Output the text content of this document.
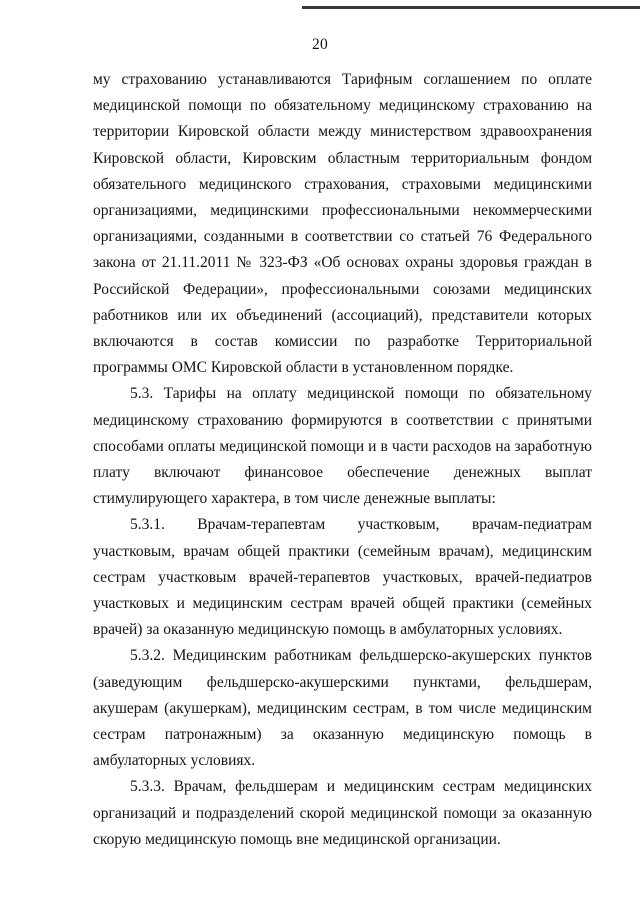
20

му страхованию устанавливаются Тарифным соглашением по оплате медицинской помощи по обязательному медицинскому страхованию на территории Кировской области между министерством здравоохранения Кировской области, Кировским областным территориальным фондом обязательного медицинского страхования, страховыми медицинскими организациями, медицинскими профессиональными некоммерческими организациями, созданными в соответствии со статьей 76 Федерального закона от 21.11.2011 № 323-ФЗ «Об основах охраны здоровья граждан в Российской Федерации», профессиональными союзами медицинских работников или их объединений (ассоциаций), представители которых включаются в состав комиссии по разработке Территориальной программы ОМС Кировской области в установленном порядке.

5.3. Тарифы на оплату медицинской помощи по обязательному медицинскому страхованию формируются в соответствии с принятыми способами оплаты медицинской помощи и в части расходов на заработную плату включают финансовое обеспечение денежных выплат стимулирующего характера, в том числе денежные выплаты:

5.3.1. Врачам-терапевтам участковым, врачам-педиатрам участковым, врачам общей практики (семейным врачам), медицинским сестрам участковым врачей-терапевтов участковых, врачей-педиатров участковых и медицинским сестрам врачей общей практики (семейных врачей) за оказанную медицинскую помощь в амбулаторных условиях.

5.3.2. Медицинским работникам фельдшерско-акушерских пунктов (заведующим фельдшерско-акушерскими пунктами, фельдшерам, акушерам (акушеркам), медицинским сестрам, в том числе медицинским сестрам патронажным) за оказанную медицинскую помощь в амбулаторных условиях.

5.3.3. Врачам, фельдшерам и медицинским сестрам медицинских организаций и подразделений скорой медицинской помощи за оказанную скорую медицинскую помощь вне медицинской организации.
